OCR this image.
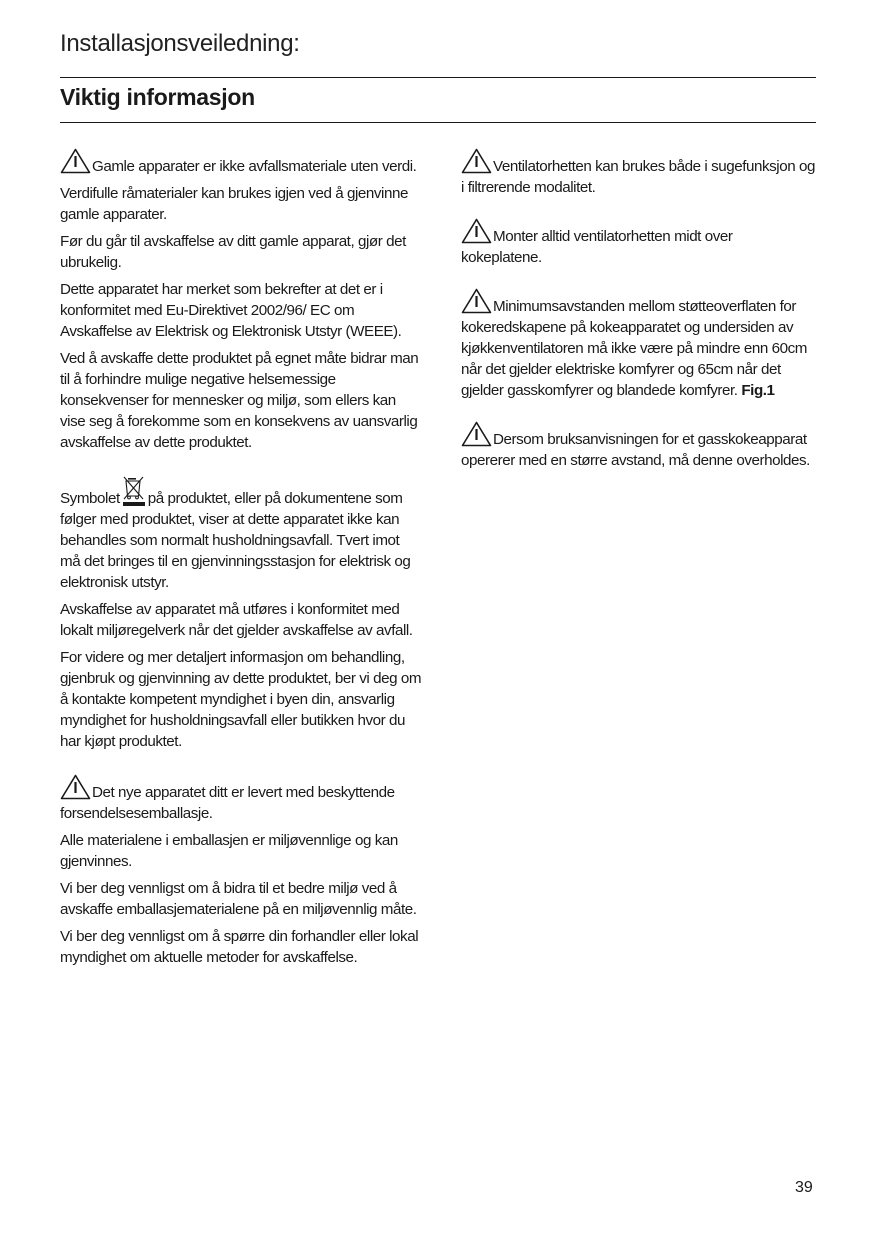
Installasjonsveiledning:
Viktig informasjon

Gamle apparater er ikke avfallsmateriale uten verdi.

Verdifulle råmaterialer kan brukes igjen ved å gjenvinne gamle apparater.

Før du går til avskaffelse av ditt gamle apparat, gjør det ubrukelig.

Dette apparatet har merket som bekrefter at det er i konformitet med Eu-Direktivet 2002/96/ EC om Avskaffelse av Elektrisk og Elektronisk Utstyr (WEEE).

Ved å avskaffe dette produktet på egnet måte bidrar man til å forhindre mulige negative helsemessige konsekvenser for mennesker og miljø, som ellers kan vise seg å forekomme som en konsekvens av uansvarlig avskaffelse av dette produktet.

Symbolet på produktet, eller på dokumentene som følger med produktet, viser at dette apparatet ikke kan behandles som normalt husholdningsavfall. Tvert imot må det bringes til en gjenvinningsstasjon for elektrisk og elektronisk utstyr.

Avskaffelse av apparatet må utføres i konformitet med lokalt miljøregelverk når det gjelder avskaffelse av avfall.

For videre og mer detaljert informasjon om behandling, gjenbruk og gjenvinning av dette produktet, ber vi deg om å kontakte kompetent myndighet i byen din, ansvarlig myndighet for husholdningsavfall eller butikken hvor du har kjøpt produktet.

Det nye apparatet ditt er levert med beskyttende forsendelsesemballasje.

Alle materialene i emballasjen er miljøvennlige og kan gjenvinnes.

Vi ber deg vennligst om å bidra til et bedre miljø ved å avskaffe emballasjematerialene på en miljøvennlig måte.

Vi ber deg vennligst om å spørre din forhandler eller lokal myndighet om aktuelle metoder for avskaffelse.

Ventilatorhetten kan brukes både i sugefunksjon og i filtrerende modalitet.

Monter alltid ventilatorhetten midt over kokeplatene.

Minimumsavstanden mellom støtteoverflaten for kokeredskapene på kokeapparatet og undersiden av kjøkkenventilatoren må ikke være på mindre enn 60cm når det gjelder elektriske komfyrer og 65cm når det gjelder gasskomfyrer og blandede komfyrer. Fig.1

Dersom bruksanvisningen for et gasskokeapparat opererer med en større avstand, må denne overholdes.

39
